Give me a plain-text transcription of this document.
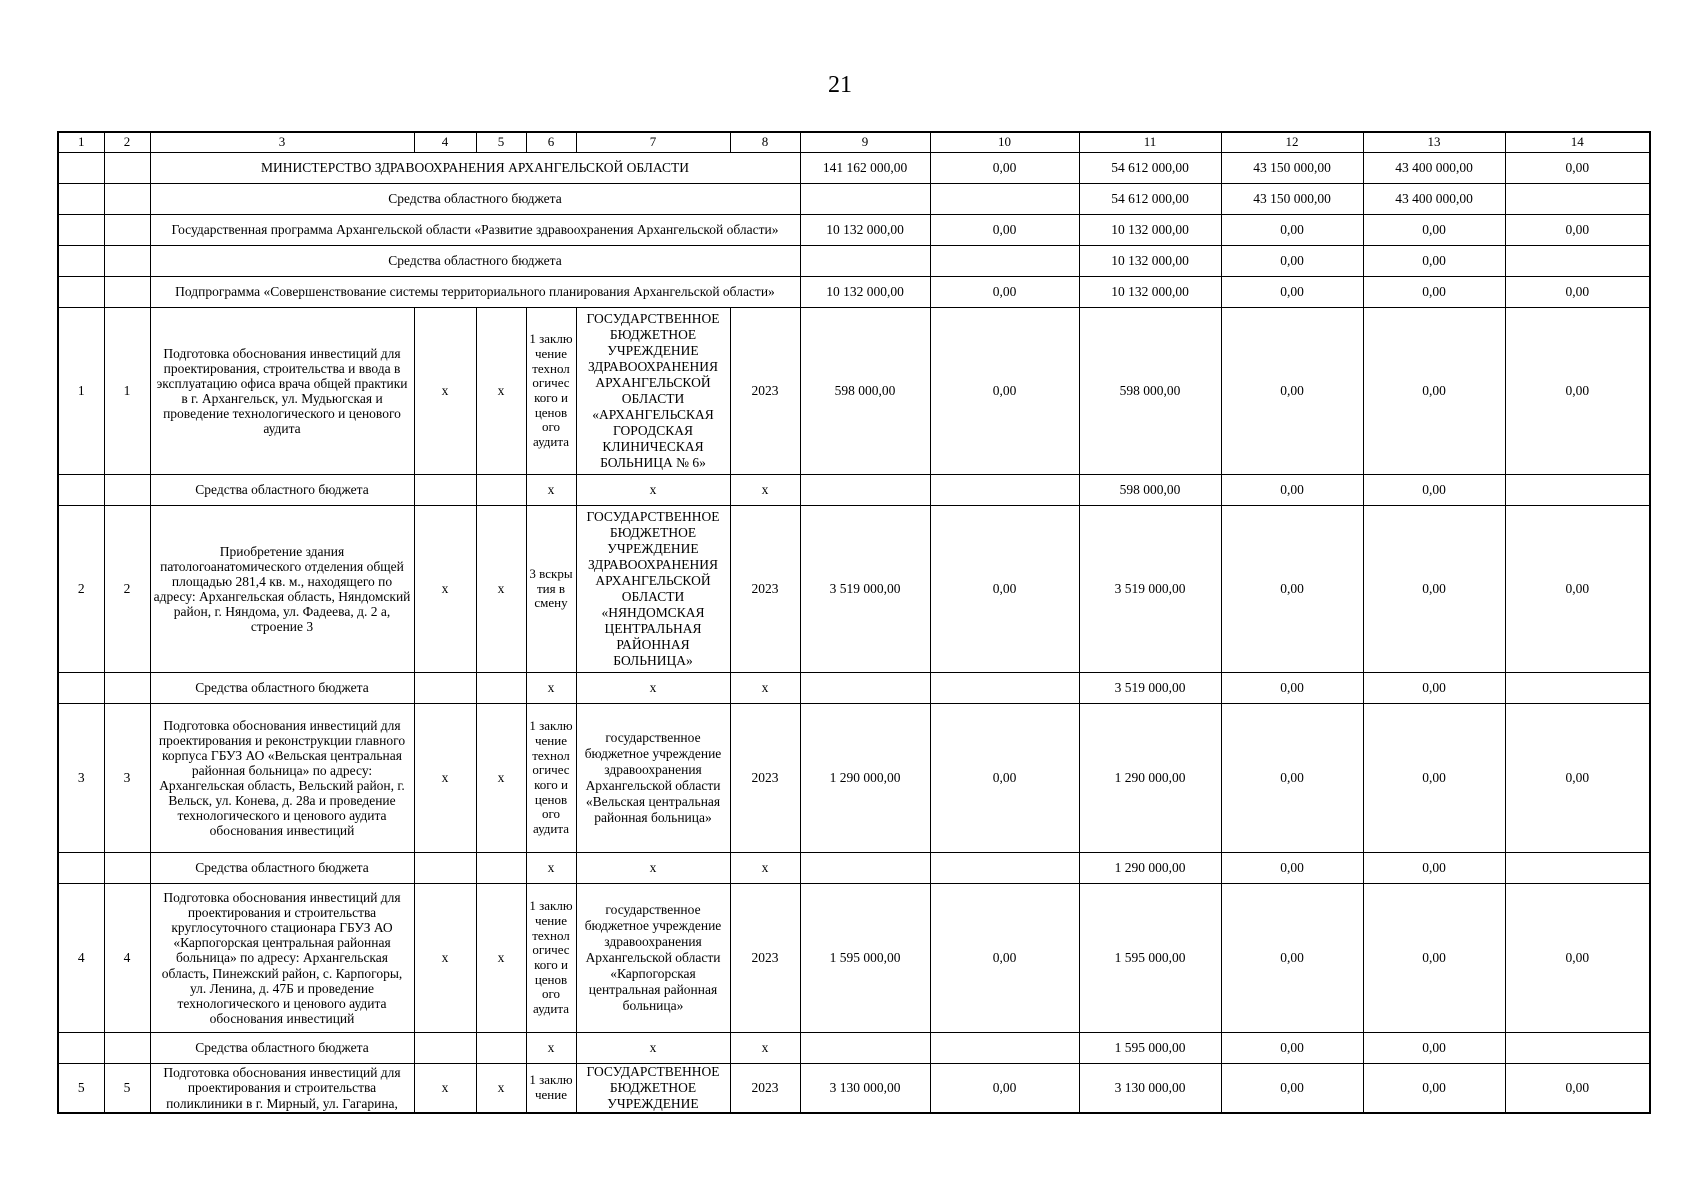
21
1	2	3	4	5	6	7	8	9	10	11	12	13	14
		МИНИСТЕРСТВО ЗДРАВООХРАНЕНИЯ АРХАНГЕЛЬСКОЙ ОБЛАСТИ						141 162 000,00	0,00	54 612 000,00	43 150 000,00	43 400 000,00	0,00
		Средства областного бюджета								54 612 000,00	43 150 000,00	43 400 000,00	
		Государственная программа Архангельской области «Развитие здравоохранения Архангельской области»						10 132 000,00	0,00	10 132 000,00	0,00	0,00	0,00
		Средства областного бюджета								10 132 000,00	0,00	0,00	
		Подпрограмма «Совершенствование системы территориального планирования Архангельской области»						10 132 000,00	0,00	10 132 000,00	0,00	0,00	0,00
1	1	Подготовка обоснования инвестиций для проектирования, строительства и ввода в эксплуатацию офиса врача общей практики в г. Архангельск, ул. Мудьюгская и проведение технологического и ценового аудита	х	х	1 заклю чение технол огичес кого и ценов ого аудита	ГОСУДАРСТВЕННОЕ БЮДЖЕТНОЕ УЧРЕЖДЕНИЕ ЗДРАВООХРАНЕНИЯ АРХАНГЕЛЬСКОЙ ОБЛАСТИ «АРХАНГЕЛЬСКАЯ ГОРОДСКАЯ КЛИНИЧЕСКАЯ БОЛЬНИЦА № 6»	2023	598 000,00	0,00	598 000,00	0,00	0,00	0,00
		Средства областного бюджета			х	х	х			598 000,00	0,00	0,00	
2	2	Приобретение здания патологоанатомического отделения общей площадью 281,4 кв. м., находящего по адресу: Архангельская область, Няндомский район, г. Няндома, ул. Фадеева, д. 2 а, строение 3	х	х	3 вскры тия в смену	ГОСУДАРСТВЕННОЕ БЮДЖЕТНОЕ УЧРЕЖДЕНИЕ ЗДРАВООХРАНЕНИЯ АРХАНГЕЛЬСКОЙ ОБЛАСТИ «НЯНДОМСКАЯ ЦЕНТРАЛЬНАЯ РАЙОННАЯ БОЛЬНИЦА»	2023	3 519 000,00	0,00	3 519 000,00	0,00	0,00	0,00
		Средства областного бюджета			х	х	х			3 519 000,00	0,00	0,00	
3	3	Подготовка обоснования инвестиций для проектирования и реконструкции главного корпуса ГБУЗ АО «Вельская центральная районная больница» по адресу: Архангельская область, Вельский район, г. Вельск, ул. Конева, д. 28а и проведение технологического и ценового аудита обоснования инвестиций	х	х	1 заклю чение технол огичес кого и ценов ого аудита	государственное бюджетное учреждение здравоохранения Архангельской области «Вельская центральная районная больница»	2023	1 290 000,00	0,00	1 290 000,00	0,00	0,00	0,00
		Средства областного бюджета			х	х	х			1 290 000,00	0,00	0,00	
4	4	Подготовка обоснования инвестиций для проектирования и строительства круглосуточного стационара ГБУЗ АО «Карпогорская центральная районная больница» по адресу: Архангельская область, Пинежский район, с. Карпогоры, ул. Ленина, д. 47Б и проведение технологического и ценового аудита обоснования инвестиций	х	х	1 заклю чение технол огичес кого и ценов ого аудита	государственное бюджетное учреждение здравоохранения Архангельской области «Карпогорская центральная районная больница»	2023	1 595 000,00	0,00	1 595 000,00	0,00	0,00	0,00
		Средства областного бюджета			х	х	х			1 595 000,00	0,00	0,00	
5	5	Подготовка обоснования инвестиций для проектирования и строительства поликлиники в г. Мирный, ул. Гагарина,	х	х	1 заклю чение	ГОСУДАРСТВЕННОЕ БЮДЖЕТНОЕ УЧРЕЖДЕНИЕ	2023	3 130 000,00	0,00	3 130 000,00	0,00	0,00	0,00
